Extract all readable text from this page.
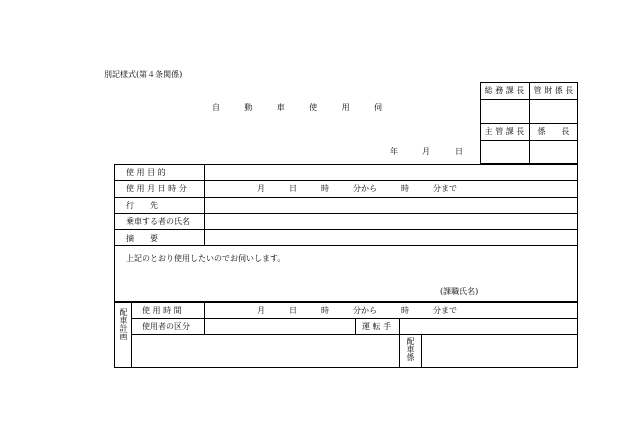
別記様式(第４条関係)
自	動	車	使	用	伺
年	月	日
総 務 課 長	管 財 係 長
主 管 課 長	係　　長
使 用 目 的
使 用 月 日 時 分	月　　　日　　　時　　　分から　　　時　　　分まで
行　　先
乗車する者の氏名
摘　　要
上記のとおり使用したいのでお伺いします。
(課職氏名)
配車計画 使 用 時 間	月　　　日　　　時　　　分から　　　時　　　分まで
使用者の区分	運 転 手
配車係
